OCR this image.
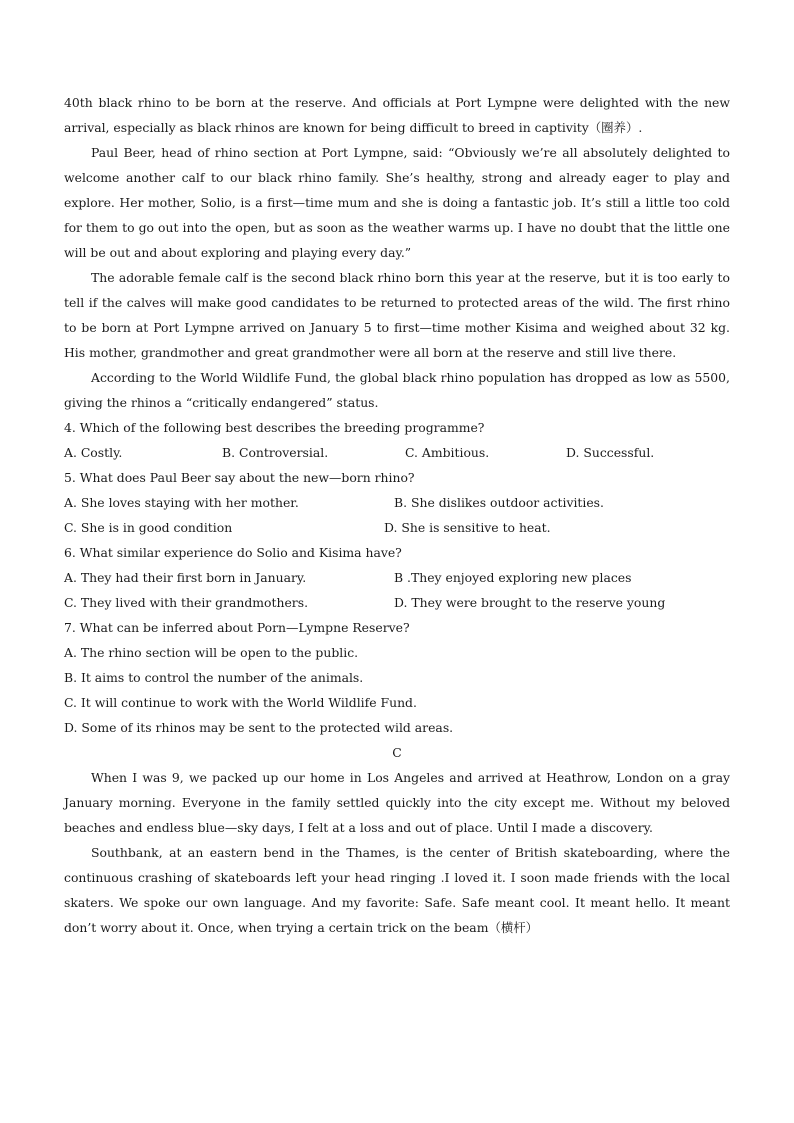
40th black rhino to be born at the reserve. And officials at Port Lympne were delighted with the new arrival, especially as black rhinos are known for being difficult to breed in captivity（圈养）.

Paul Beer, head of rhino section at Port Lympne, said: “Obviously we’re all absolutely delighted to welcome another calf to our black rhino family. She’s healthy, strong and already eager to play and explore. Her mother, Solio, is a first—time mum and she is doing a fantastic job. It’s still a little too cold for them to go out into the open, but as soon as the weather warms up. I have no doubt that the little one will be out and about exploring and playing every day.”

The adorable female calf is the second black rhino born this year at the reserve, but it is too early to tell if the calves will make good candidates to be returned to protected areas of the wild. The first rhino to be born at Port Lympne arrived on January 5 to first—time mother Kisima and weighed about 32 kg. His mother, grandmother and great grandmother were all born at the reserve and still live there.

According to the World Wildlife Fund, the global black rhino population has dropped as low as 5500, giving the rhinos a “critically endangered” status.

4. Which of the following best describes the breeding programme?

A. Costly.	B. Controversial.	C. Ambitious.	D. Successful.

5. What does Paul Beer say about the new—born rhino?

A. She loves staying with her mother.	B. She dislikes outdoor activities.
C. She is in good condition	D. She is sensitive to heat.

6. What similar experience do Solio and Kisima have?

A. They had their first born in January.	B .They enjoyed exploring new places
C. They lived with their grandmothers.	D. They were brought to the reserve young

7. What can be inferred about Porn—Lympne Reserve?

A. The rhino section will be open to the public.

B. It aims to control the number of the animals.

C. It will continue to work with the World Wildlife Fund.

D. Some of its rhinos may be sent to the protected wild areas.

C

When I was 9, we packed up our home in Los Angeles and arrived at Heathrow, London on a gray January morning. Everyone in the family settled quickly into the city except me. Without my beloved beaches and endless blue—sky days, I felt at a loss and out of place. Until I made a discovery.

Southbank, at an eastern bend in the Thames, is the center of British skateboarding, where the continuous crashing of skateboards left your head ringing .I loved it. I soon made friends with the local skaters. We spoke our own language. And my favorite: Safe. Safe meant cool. It meant hello. It meant don’t worry about it. Once, when trying a certain trick on the beam（横杆）
